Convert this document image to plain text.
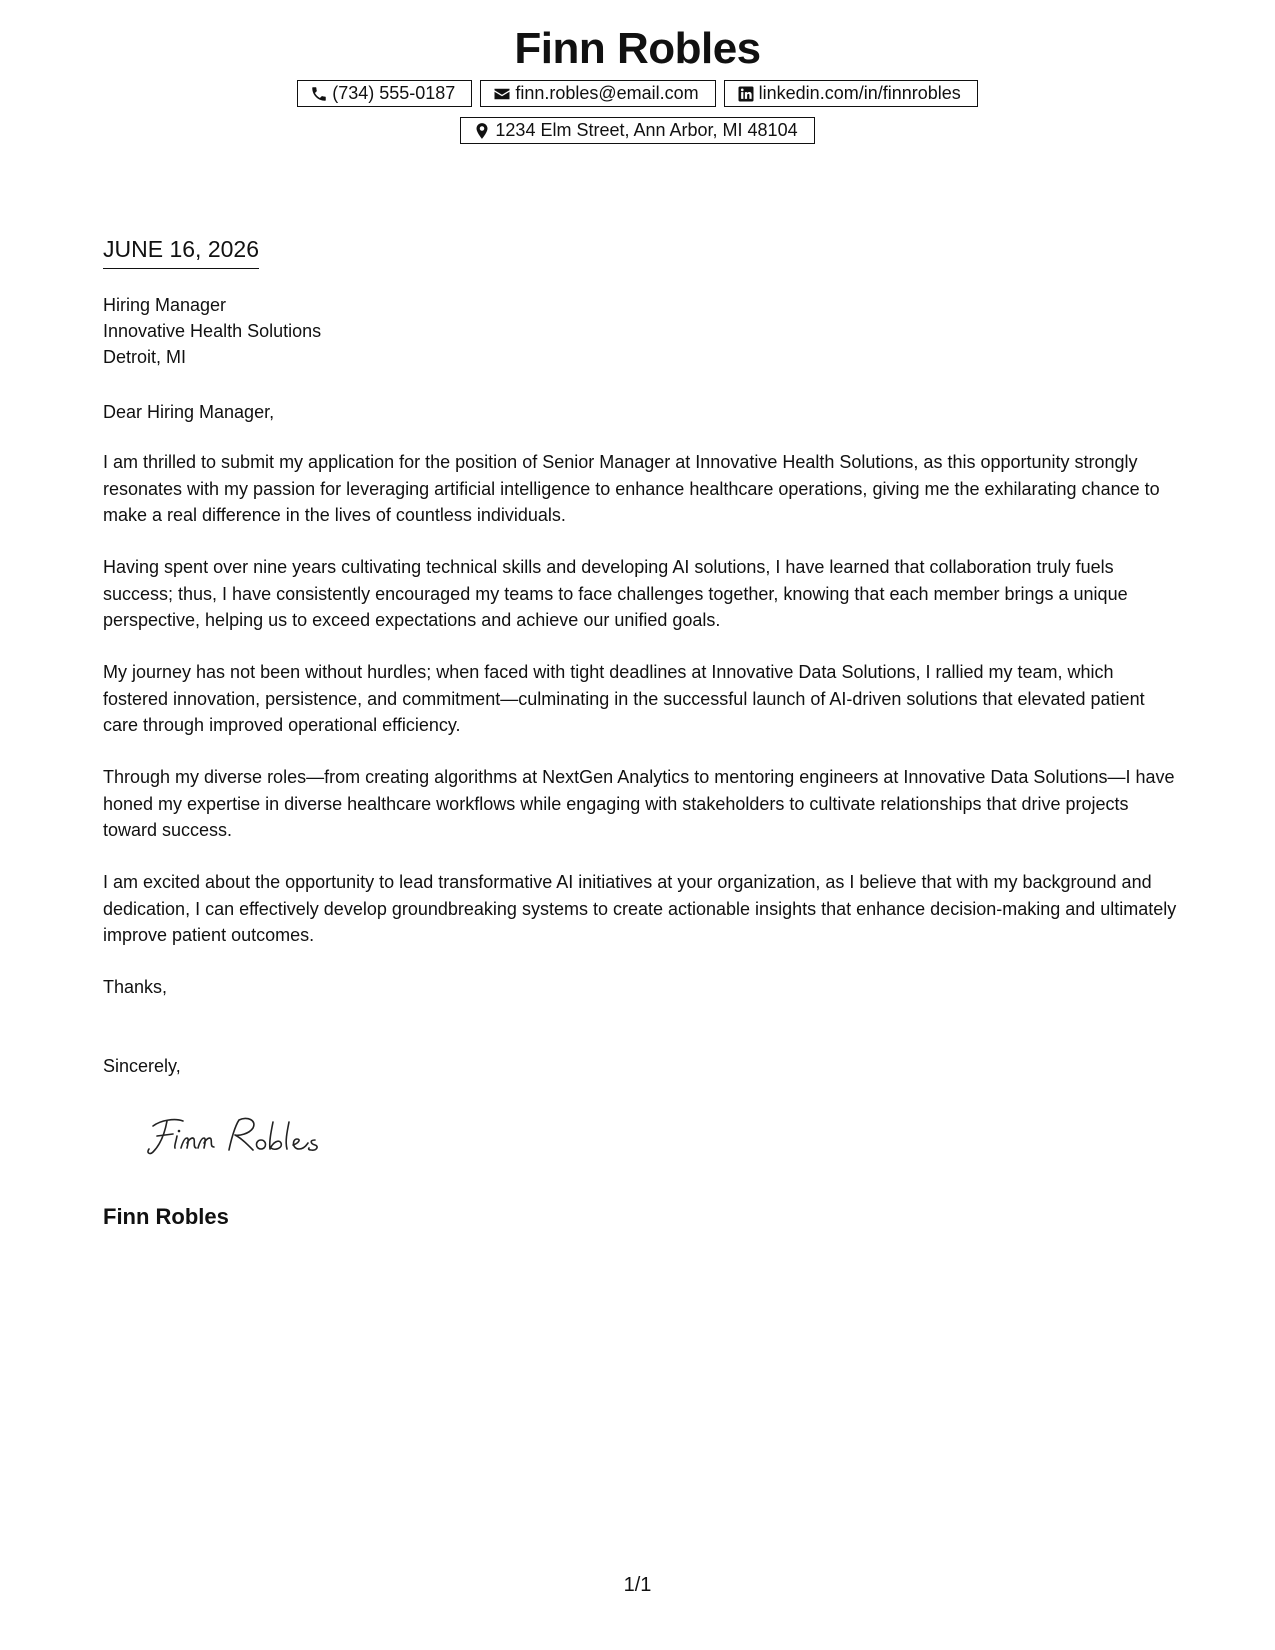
Finn Robles
(734) 555-0187	finn.robles@email.com	linkedin.com/in/finnrobles
1234 Elm Street, Ann Arbor, MI 48104
JUNE 16, 2026
Hiring Manager
Innovative Health Solutions
Detroit, MI
Dear Hiring Manager,

I am thrilled to submit my application for the position of Senior Manager at Innovative Health Solutions, as this opportunity strongly resonates with my passion for leveraging artificial intelligence to enhance healthcare operations, giving me the exhilarating chance to make a real difference in the lives of countless individuals.

Having spent over nine years cultivating technical skills and developing AI solutions, I have learned that collaboration truly fuels success; thus, I have consistently encouraged my teams to face challenges together, knowing that each member brings a unique perspective, helping us to exceed expectations and achieve our unified goals.

My journey has not been without hurdles; when faced with tight deadlines at Innovative Data Solutions, I rallied my team, which fostered innovation, persistence, and commitment—culminating in the successful launch of AI-driven solutions that elevated patient care through improved operational efficiency.

Through my diverse roles—from creating algorithms at NextGen Analytics to mentoring engineers at Innovative Data Solutions—I have honed my expertise in diverse healthcare workflows while engaging with stakeholders to cultivate relationships that drive projects toward success.

I am excited about the opportunity to lead transformative AI initiatives at your organization, as I believe that with my background and dedication, I can effectively develop groundbreaking systems to create actionable insights that enhance decision-making and ultimately improve patient outcomes.

Thanks,
Sincerely,
Finn Robles
1/1
